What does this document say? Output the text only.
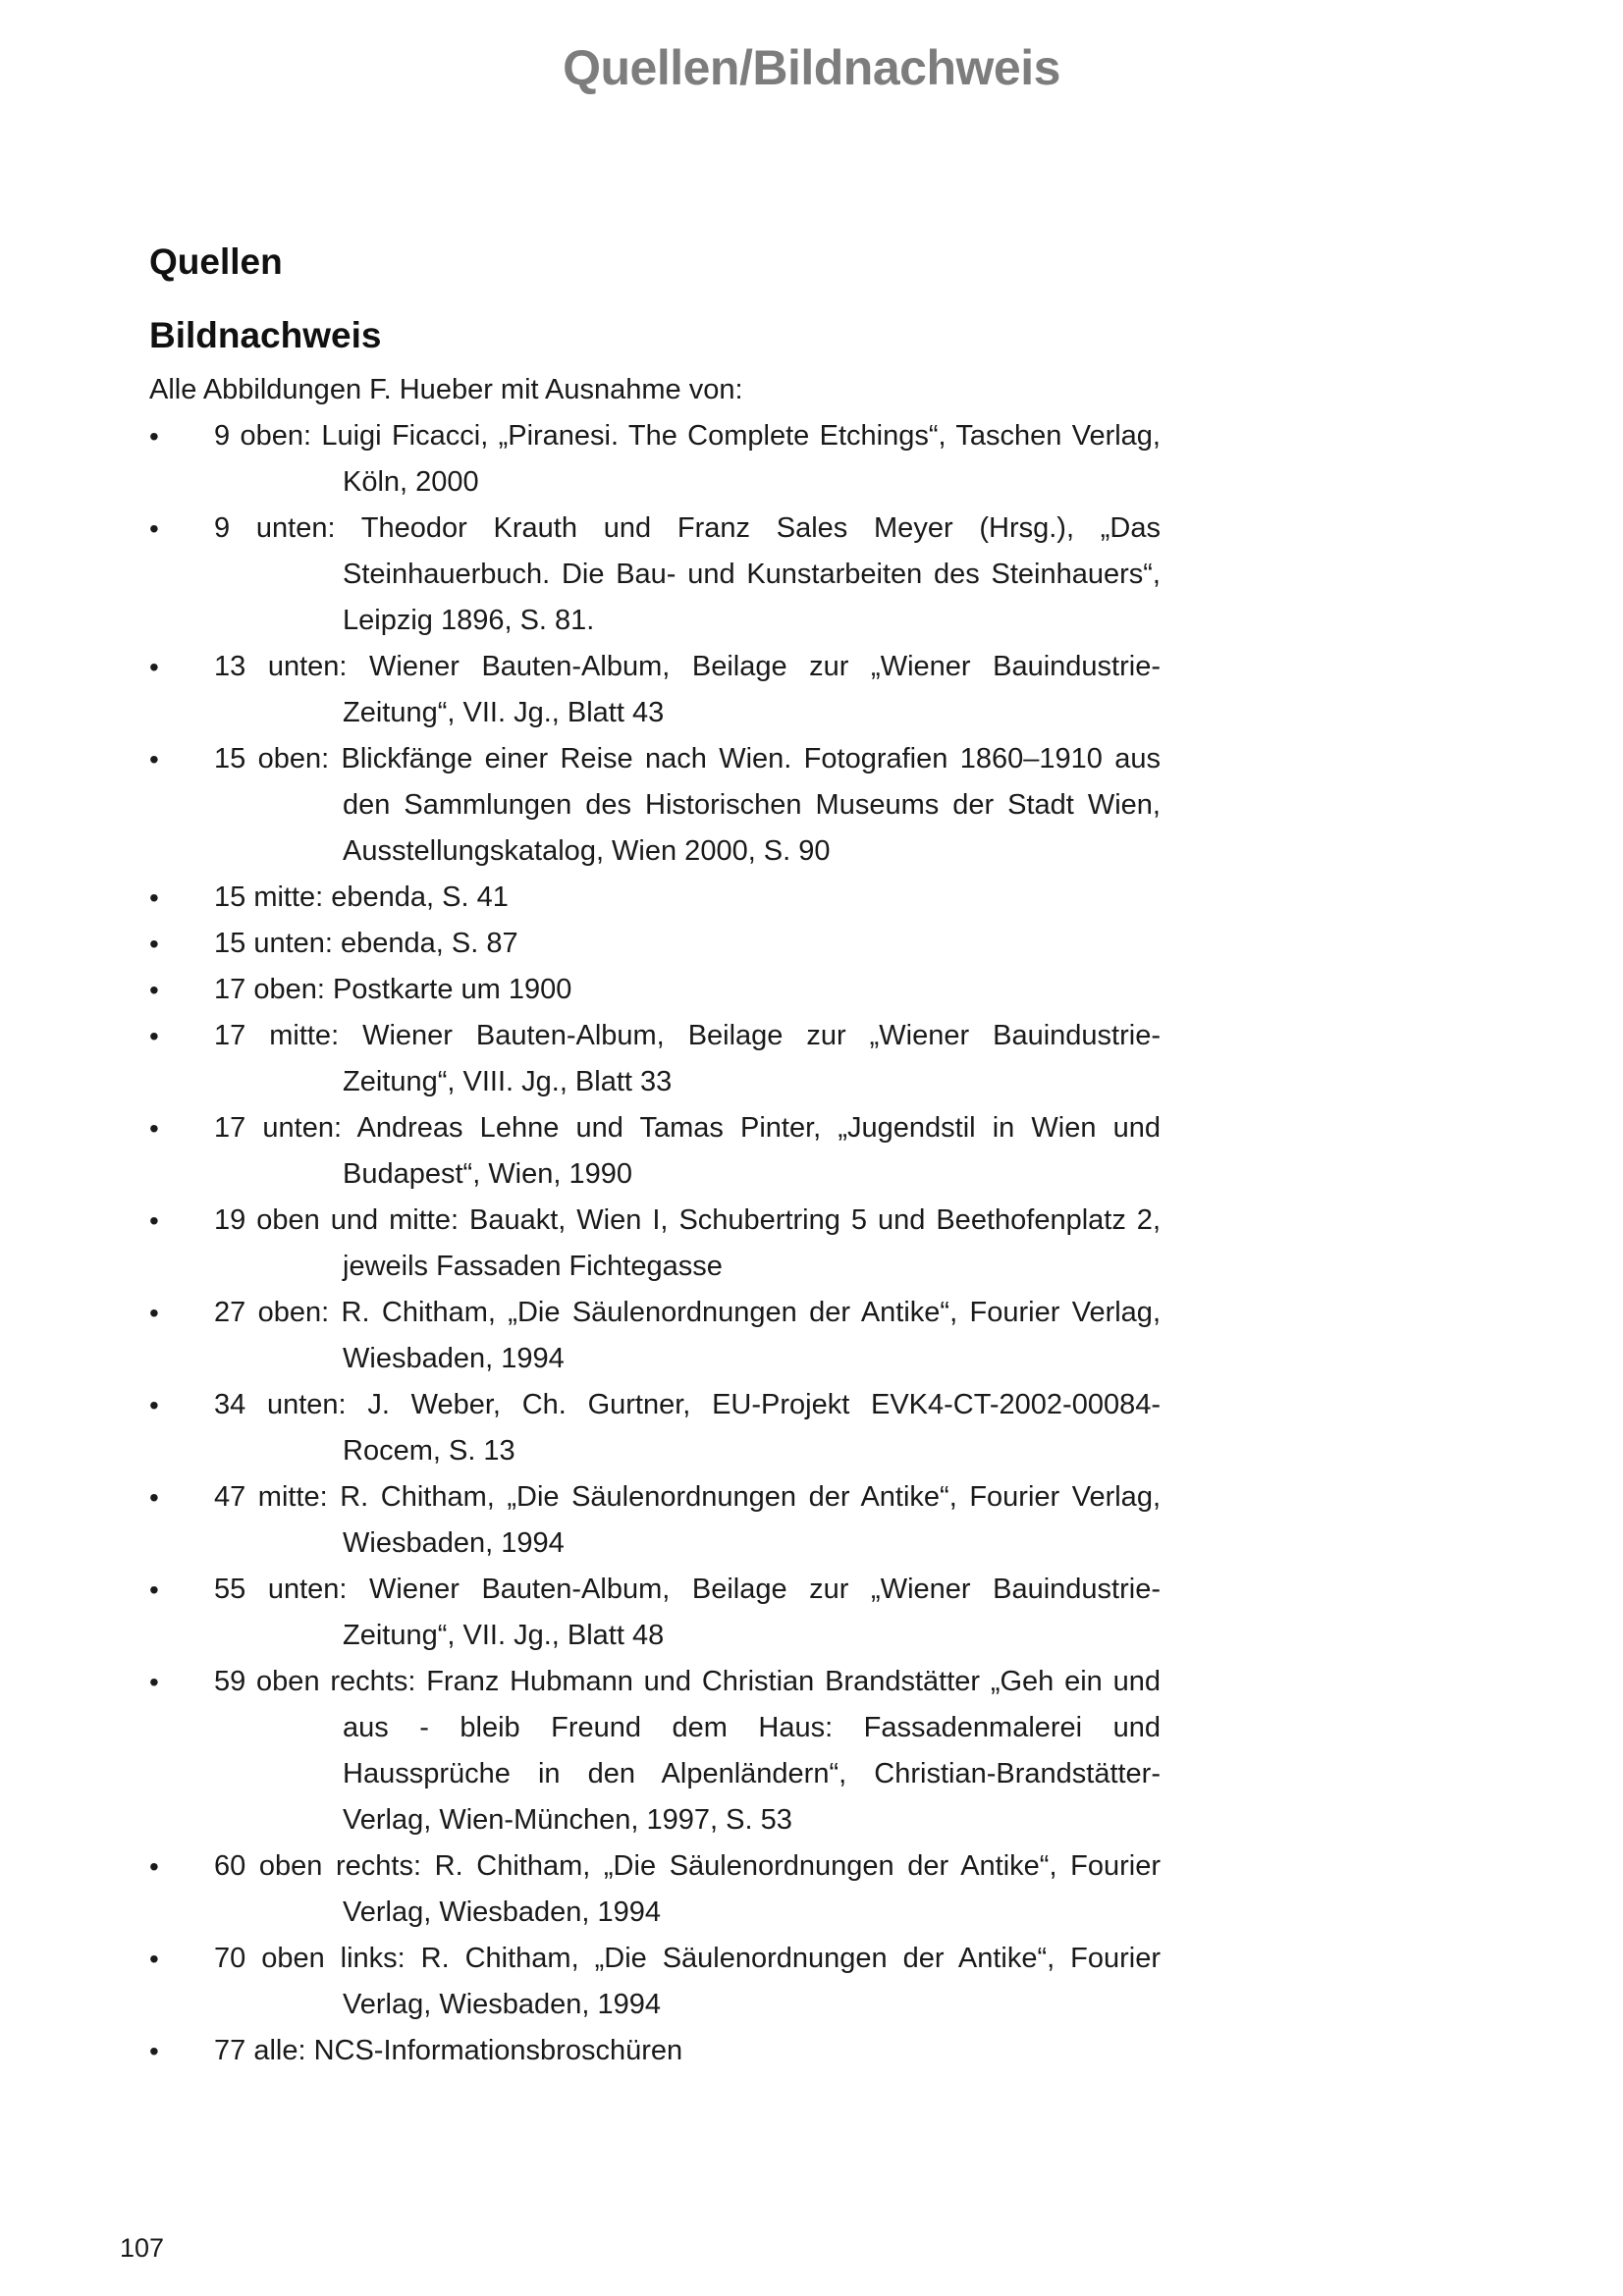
Quellen/Bildnachweis
Quellen
Bildnachweis

Alle Abbildungen F. Hueber mit Ausnahme von:

•	9 oben: Luigi Ficacci, „Piranesi. The Complete Etchings“, Taschen Verlag, Köln, 2000
•	9 unten: Theodor Krauth und Franz Sales Meyer (Hrsg.), „Das Steinhauerbuch. Die Bau- und Kunstarbeiten des Steinhauers“, Leipzig 1896, S. 81.
•	13 unten: Wiener Bauten-Album, Beilage zur „Wiener Bauindustrie-Zeitung“, VII. Jg., Blatt 43
•	15 oben: Blickfänge einer Reise nach Wien. Fotografien 1860–1910 aus den Sammlungen des Historischen Museums der Stadt Wien, Ausstellungskatalog, Wien 2000, S. 90
•	15 mitte: ebenda, S. 41
•	15 unten: ebenda, S. 87
•	17 oben: Postkarte um 1900
•	17 mitte: Wiener Bauten-Album, Beilage zur „Wiener Bauindustrie-Zeitung“, VIII. Jg., Blatt 33
•	17 unten: Andreas Lehne und Tamas Pinter, „Jugendstil in Wien und Budapest“, Wien, 1990
•	19 oben und mitte: Bauakt, Wien I, Schubertring 5 und Beethofenplatz 2, jeweils Fassaden Fichtegasse
•	27 oben: R. Chitham, „Die Säulenordnungen der Antike“, Fourier Verlag, Wiesbaden, 1994
•	34 unten: J. Weber, Ch. Gurtner, EU-Projekt EVK4-CT-2002-00084-Rocem, S. 13
•	47 mitte: R. Chitham, „Die Säulenordnungen der Antike“, Fourier Verlag, Wiesbaden, 1994
•	55 unten: Wiener Bauten-Album, Beilage zur „Wiener Bauindustrie-Zeitung“, VII. Jg., Blatt 48
•	59 oben rechts: Franz Hubmann und Christian Brandstätter „Geh ein und aus - bleib Freund dem Haus: Fassadenmalerei und Haussprüche in den Alpenländern“, Christian-Brandstätter-Verlag, Wien-München, 1997, S. 53
•	60 oben rechts: R. Chitham, „Die Säulenordnungen der Antike“, Fourier Verlag, Wiesbaden, 1994
•	70 oben links: R. Chitham, „Die Säulenordnungen der Antike“, Fourier Verlag, Wiesbaden, 1994
•	77 alle: NCS-Informationsbroschüren
107
